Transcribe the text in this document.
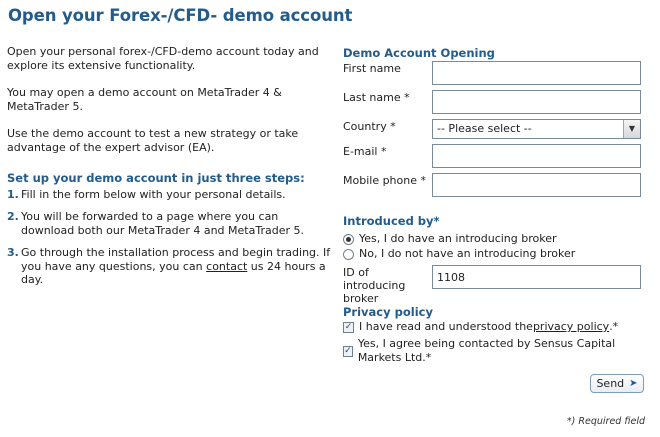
Open your Forex-/CFD- demo account

Open your personal forex-/CFD-demo account today and explore its extensive functionality.

You may open a demo account on MetaTrader 4 & MetaTrader 5.

Use the demo account to test a new strategy or take advantage of the expert advisor (EA).

Set up your demo account in just three steps:
1. Fill in the form below with your personal details.
2. You will be forwarded to a page where you can download both our MetaTrader 4 and MetaTrader 5.
3. Go through the installation process and begin trading. If you have any questions, you can contact us 24 hours a day.
Demo Account Opening
First name
Last name *
Country *	-- Please select --	▼
E-mail *
Mobile phone *
Introduced by*
Yes, I do have an introducing broker
No, I do not have an introducing broker
ID of introducing broker
1108
Privacy policy
✓ I have read and understood the privacy policy .*
✓
Yes, I agree being contacted by Sensus Capital Markets Ltd.*
Send ➤
*) Required field
